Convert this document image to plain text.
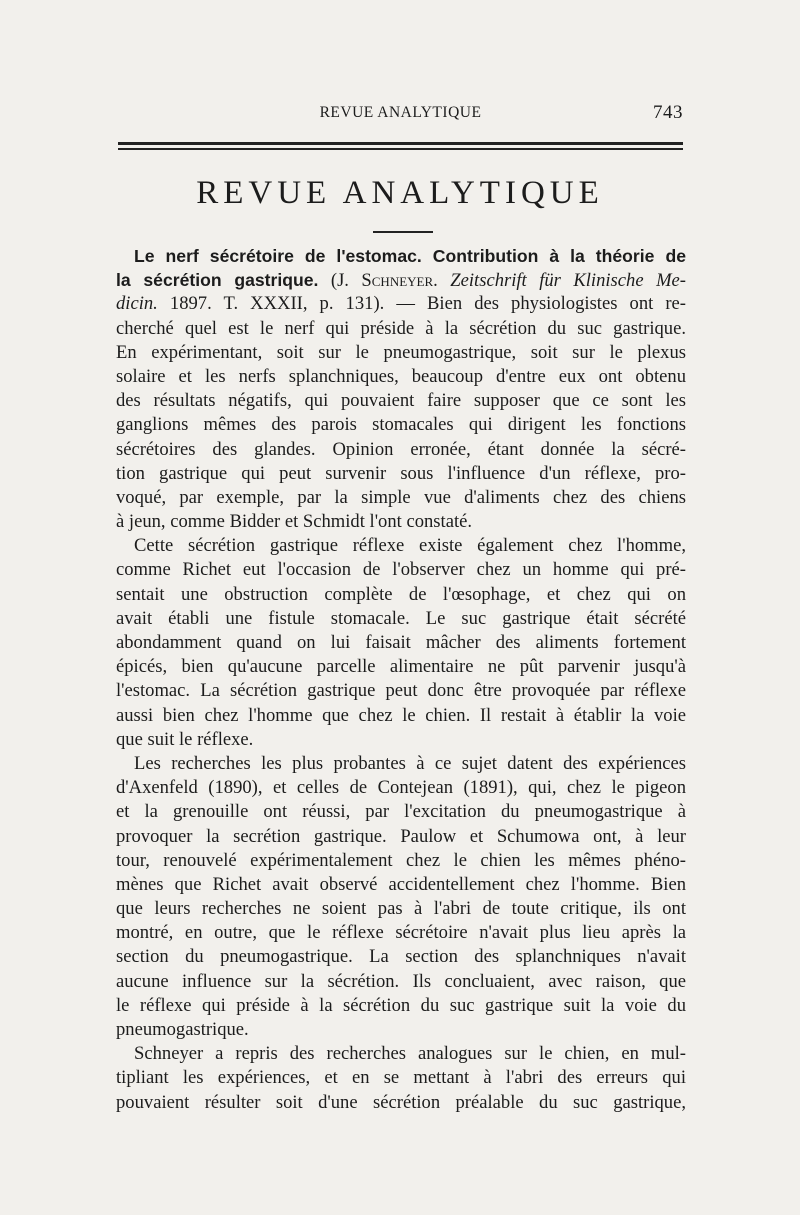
REVUE ANALYTIQUE	743
REVUE ANALYTIQUE
Le nerf sécrétoire de l'estomac. Contribution à la théorie de
la sécrétion gastrique. (J. Schneyer. Zeitschrift für Klinische Me-
dicin. 1897. T. XXXII, p. 131). — Bien des physiologistes ont re-
cherché quel est le nerf qui préside à la sécrétion du suc gastrique.
En expérimentant, soit sur le pneumogastrique, soit sur le plexus
solaire et les nerfs splanchniques, beaucoup d'entre eux ont obtenu
des résultats négatifs, qui pouvaient faire supposer que ce sont les
ganglions mêmes des parois stomacales qui dirigent les fonctions
sécrétoires des glandes. Opinion erronée, étant donnée la sécré-
tion gastrique qui peut survenir sous l'influence d'un réflexe, pro-
voqué, par exemple, par la simple vue d'aliments chez des chiens
à jeun, comme Bidder et Schmidt l'ont constaté.
Cette sécrétion gastrique réflexe existe également chez l'homme,
comme Richet eut l'occasion de l'observer chez un homme qui pré-
sentait une obstruction complète de l'œsophage, et chez qui on
avait établi une fistule stomacale. Le suc gastrique était sécrété
abondamment quand on lui faisait mâcher des aliments fortement
épicés, bien qu'aucune parcelle alimentaire ne pût parvenir jusqu'à
l'estomac. La sécrétion gastrique peut donc être provoquée par réflexe
aussi bien chez l'homme que chez le chien. Il restait à établir la voie
que suit le réflexe.
Les recherches les plus probantes à ce sujet datent des expériences
d'Axenfeld (1890), et celles de Contejean (1891), qui, chez le pigeon
et la grenouille ont réussi, par l'excitation du pneumogastrique à
provoquer la secrétion gastrique. Paulow et Schumowa ont, à leur
tour, renouvelé expérimentalement chez le chien les mêmes phéno-
mènes que Richet avait observé accidentellement chez l'homme. Bien
que leurs recherches ne soient pas à l'abri de toute critique, ils ont
montré, en outre, que le réflexe sécrétoire n'avait plus lieu après la
section du pneumogastrique. La section des splanchniques n'avait
aucune influence sur la sécrétion. Ils concluaient, avec raison, que
le réflexe qui préside à la sécrétion du suc gastrique suit la voie du
pneumogastrique.
Schneyer a repris des recherches analogues sur le chien, en mul-
tipliant les expériences, et en se mettant à l'abri des erreurs qui
pouvaient résulter soit d'une sécrétion préalable du suc gastrique,
